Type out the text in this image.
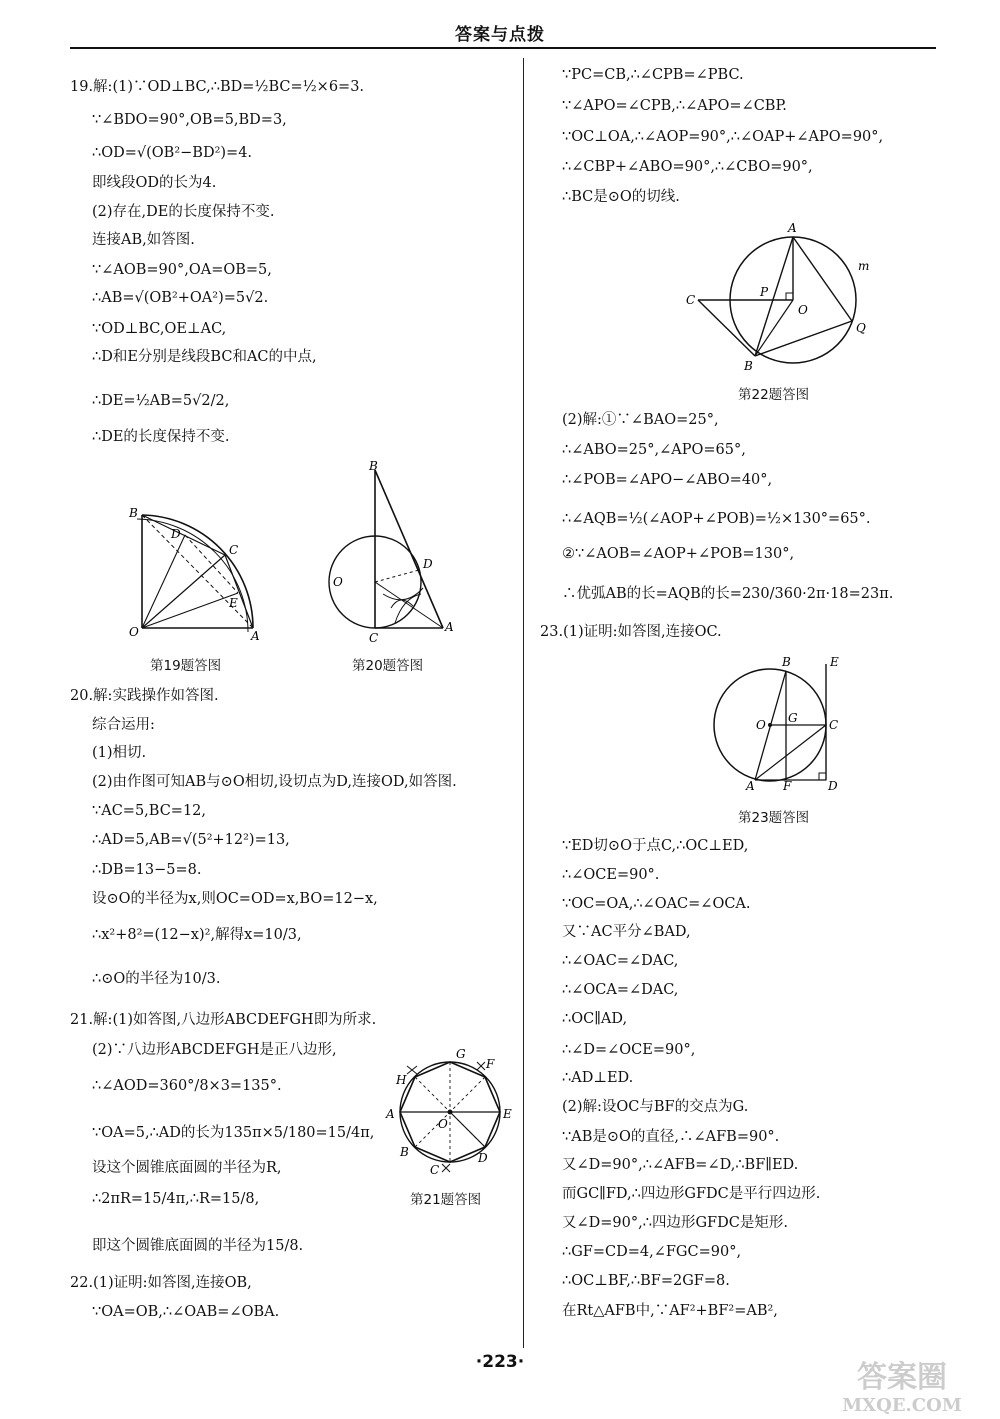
答案与点拨
19.解:(1)∵OD⊥BC,∴BD=½BC=½×6=3.
∵∠BDO=90°,OB=5,BD=3,
∴OD=√(OB²−BD²)=4.
即线段OD的长为4.
(2)存在,DE的长度保持不变.
连接AB,如答图.
∵∠AOB=90°,OA=OB=5,
∴AB=√(OB²+OA²)=5√2.
∵OD⊥BC,OE⊥AC,
∴D和E分别是线段BC和AC的中点,
∴DE=½AB=5√2/2,
∴DE的长度保持不变.
20.解:实践操作如答图.
综合运用:
(1)相切.
(2)由作图可知AB与⊙O相切,设切点为D,连接OD,如答图.
∵AC=5,BC=12,
∴AD=5,AB=√(5²+12²)=13,
∴DB=13−5=8.
设⊙O的半径为x,则OC=OD=x,BO=12−x,
∴x²+8²=(12−x)²,解得x=10/3,
∴⊙O的半径为10/3.
21.解:(1)如答图,八边形ABCDEFGH即为所求.
(2)∵八边形ABCDEFGH是正八边形,
∴∠AOD=360°/8×3=135°.
∵OA=5,∴AD的长为135π×5/180=15/4π,
设这个圆锥底面圆的半径为R,
∴2πR=15/4π,∴R=15/8,
即这个圆锥底面圆的半径为15/8.
22.(1)证明:如答图,连接OB,
∵OA=OB,∴∠OAB=∠OBA.
B
D
C
E
O	A
第19题答图
B
D
O
C
A
第20题答图
G
F
H
A	E
O
B
C
D
第21题答图
∵PC=CB,∴∠CPB=∠PBC.
∵∠APO=∠CPB,∴∠APO=∠CBP.
∵OC⊥OA,∴∠AOP=90°,∴∠OAP+∠APO=90°,
∴∠CBP+∠ABO=90°,∴∠CBO=90°,
∴BC是⊙O的切线.
(2)解:①∵∠BAO=25°,
∴∠ABO=25°,∠APO=65°,
∴∠POB=∠APO−∠ABO=40°,
∴∠AQB=½(∠AOP+∠POB)=½×130°=65°.
②∵∠AOB=∠AOP+∠POB=130°,
∴优弧AB的长=AQB的长=230/360·2π·18=23π.
23.(1)证明:如答图,连接OC.
∵ED切⊙O于点C,∴OC⊥ED,
∴∠OCE=90°.
∵OC=OA,∴∠OAC=∠OCA.
又∵AC平分∠BAD,
∴∠OAC=∠DAC,
∴∠OCA=∠DAC,
∴OC∥AD,
∴∠D=∠OCE=90°,
∴AD⊥ED.
(2)解:设OC与BF的交点为G.
∵AB是⊙O的直径,∴∠AFB=90°.
又∠D=90°,∴∠AFB=∠D,∴BF∥ED.
而GC∥FD,∴四边形GFDC是平行四边形.
又∠D=90°,∴四边形GFDC是矩形.
∴GF=CD=4,∠FGC=90°,
∴OC⊥BF,∴BF=2GF=8.
在Rt△AFB中,∵AF²+BF²=AB²,
A
m
C
P
O
Q
B
第22题答图
B	E
O G	C
A F	D
第23题答图
·223·	答案圈
MXQE.COM
